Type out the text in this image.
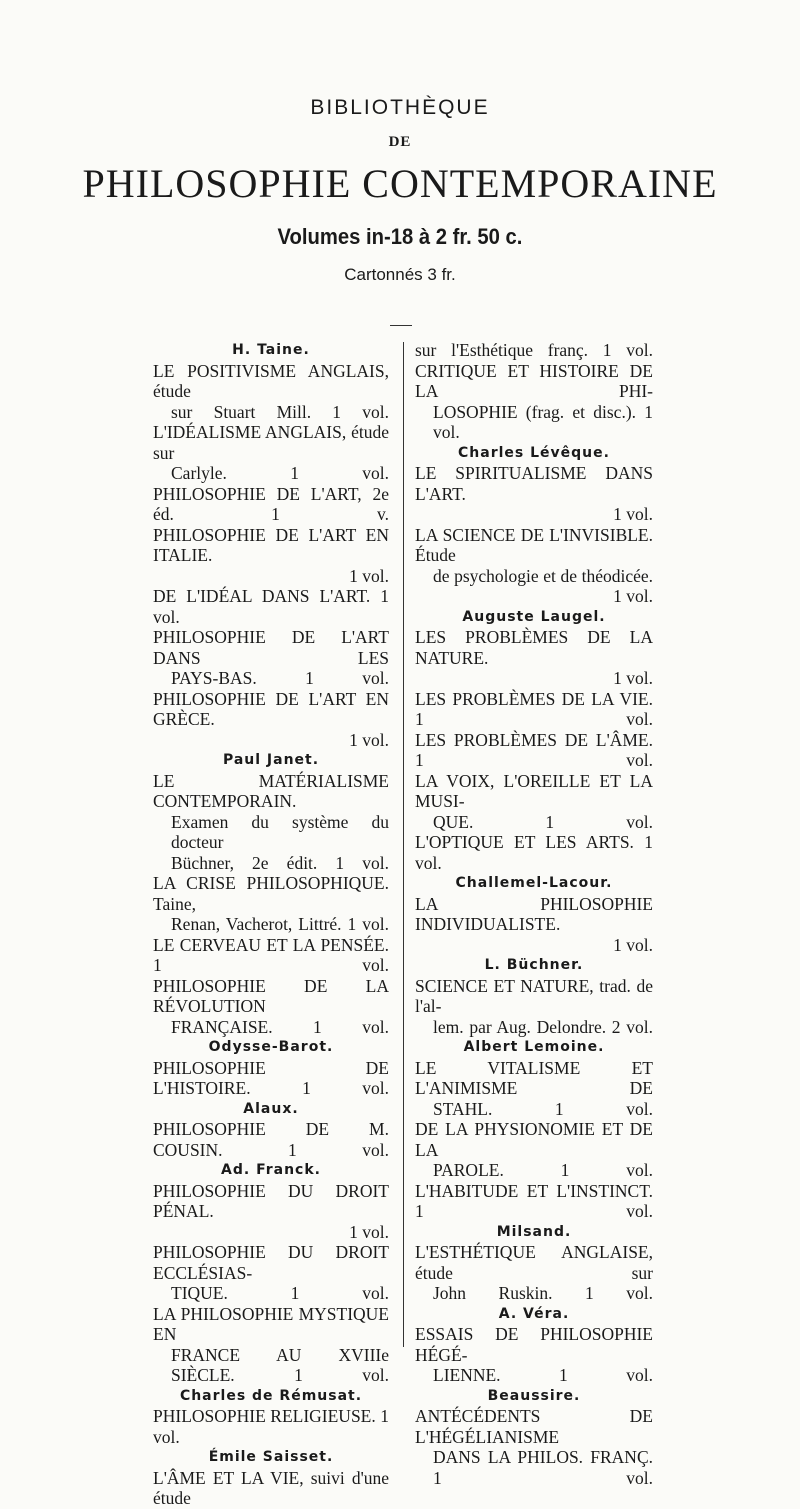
BIBLIOTHÈQUE
DE
PHILOSOPHIE CONTEMPORAINE
Volumes in-18 à 2 fr. 50 c.
Cartonnés 3 fr.
H. Taine.
LE POSITIVISME ANGLAIS, étude
sur Stuart Mill. 1 vol.
L'IDÉALISME ANGLAIS, étude sur
Carlyle. 1 vol.
PHILOSOPHIE DE L'ART, 2e éd. 1 v.
PHILOSOPHIE DE L'ART EN ITALIE.
1 vol.
DE L'IDÉAL DANS L'ART. 1 vol.
PHILOSOPHIE DE L'ART DANS LES
PAYS-BAS. 1 vol.
PHILOSOPHIE DE L'ART EN GRÈCE.
1 vol.
Paul Janet.
LE MATÉRIALISME CONTEMPORAIN.
Examen du système du docteur
Büchner, 2e édit. 1 vol.
LA CRISE PHILOSOPHIQUE. Taine,
Renan, Vacherot, Littré. 1 vol.
LE CERVEAU ET LA PENSÉE. 1 vol.
PHILOSOPHIE DE LA RÉVOLUTION
FRANÇAISE. 1 vol.
Odysse-Barot.
PHILOSOPHIE DE L'HISTOIRE. 1 vol.
Alaux.
PHILOSOPHIE DE M. COUSIN. 1 vol.
Ad. Franck.
PHILOSOPHIE DU DROIT PÉNAL.
1 vol.
PHILOSOPHIE DU DROIT ECCLÉSIAS-
TIQUE. 1 vol.
LA PHILOSOPHIE MYSTIQUE EN
FRANCE AU XVIIIe SIÈCLE. 1 vol.
Charles de Rémusat.
PHILOSOPHIE RELIGIEUSE. 1 vol.
Émile Saisset.
L'ÂME ET LA VIE, suivi d'une étude
sur l'Esthétique franç. 1 vol.
CRITIQUE ET HISTOIRE DE LA PHI-
LOSOPHIE (frag. et disc.). 1 vol.
Charles Lévêque.
LE SPIRITUALISME DANS L'ART.
1 vol.
LA SCIENCE DE L'INVISIBLE. Étude
de psychologie et de théodicée.
1 vol.
Auguste Laugel.
LES PROBLÈMES DE LA NATURE.
1 vol.
LES PROBLÈMES DE LA VIE. 1 vol.
LES PROBLÈMES DE L'ÂME. 1 vol.
LA VOIX, L'OREILLE ET LA MUSI-
QUE. 1 vol.
L'OPTIQUE ET LES ARTS. 1 vol.
Challemel-Lacour.
LA PHILOSOPHIE INDIVIDUALISTE.
1 vol.
L. Büchner.
SCIENCE ET NATURE, trad. de l'al-
lem. par Aug. Delondre. 2 vol.
Albert Lemoine.
LE VITALISME ET L'ANIMISME DE
STAHL. 1 vol.
DE LA PHYSIONOMIE ET DE LA
PAROLE. 1 vol.
L'HABITUDE ET L'INSTINCT. 1 vol.
Milsand.
L'ESTHÉTIQUE ANGLAISE, étude sur
John Ruskin. 1 vol.
A. Véra.
ESSAIS DE PHILOSOPHIE HÉGÉ-
LIENNE. 1 vol.
Beaussire.
ANTÉCÉDENTS DE L'HÉGÉLIANISME
DANS LA PHILOS. FRANÇ. 1 vol.
